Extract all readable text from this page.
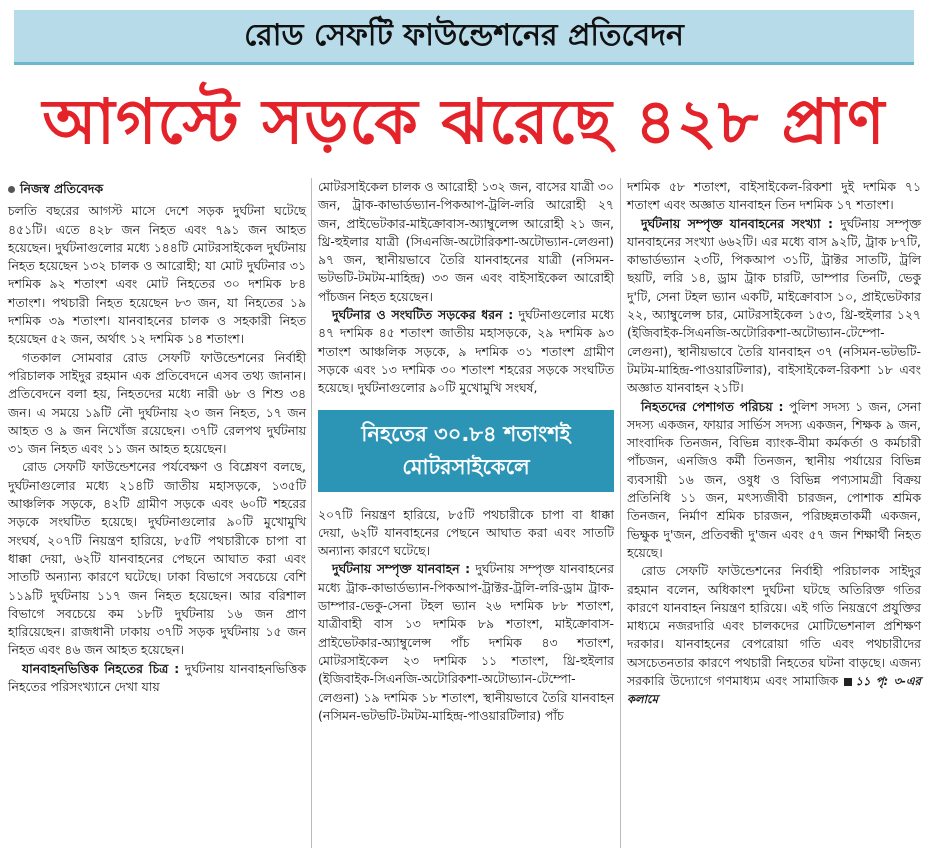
রোড সেফটি ফাউন্ডেশনের প্রতিবেদন
আগস্টে সড়কে ঝরেছে ৪২৮ প্রাণ
নিজস্ব প্রতিবেদক

চলতি বছরের আগস্ট মাসে দেশে সড়ক দুর্ঘটনা ঘটেছে ৪৫১টি। এতে ৪২৮ জন নিহত এবং ৭৯১ জন আহত হয়েছেন। দুর্ঘটনাগুলোর মধ্যে ১৪৪টি মোটরসাইকেল দুর্ঘটনায় নিহত হয়েছেন ১৩২ চালক ও আরোহী; যা মোট দুর্ঘটনার ৩১ দশমিক ৯২ শতাংশ এবং মোট নিহতের ৩০ দশমিক ৮৪ শতাংশ। পথচারী নিহত হয়েছেন ৮৩ জন, যা নিহতের ১৯ দশমিক ৩৯ শতাংশ। যানবাহনের চালক ও সহকারী নিহত হয়েছেন ৫২ জন, অর্থাৎ ১২ দশমিক ১৪ শতাংশ।

গতকাল সোমবার রোড সেফটি ফাউন্ডেশনের নির্বাহী পরিচালক সাইদুর রহমান এক প্রতিবেদনে এসব তথ্য জানান। প্রতিবেদনে বলা হয়, নিহতদের মধ্যে নারী ৬৮ ও শিশু ৩৪ জন। এ সময়ে ১৯টি নৌ দুর্ঘটনায় ২৩ জন নিহত, ১৭ জন আহত ও ৯ জন নিখোঁজ রয়েছেন। ৩৭টি রেলপথ দুর্ঘটনায় ৩১ জন নিহত এবং ১১ জন আহত হয়েছেন।

রোড সেফটি ফাউন্ডেশনের পর্যবেক্ষণ ও বিশ্লেষণ বলছে, দুর্ঘটনাগুলোর মধ্যে ২১৪টি জাতীয় মহাসড়কে, ১৩৫টি আঞ্চলিক সড়কে, ৪২টি গ্রামীণ সড়কে এবং ৬০টি শহরের সড়কে সংঘটিত হয়েছে। দুর্ঘটনাগুলোর ৯০টি মুখোমুখি সংঘর্ষ, ২০৭টি নিয়ন্ত্রণ হারিয়ে, ৮৫টি পথচারীকে চাপা বা ধাক্কা দেয়া, ৬২টি যানবাহনের পেছনে আঘাত করা এবং সাতটি অন্যান্য কারণে ঘটেছে। ঢাকা বিভাগে সবচেয়ে বেশি ১১৯টি দুর্ঘটনায় ১১৭ জন নিহত হয়েছেন। আর বরিশাল বিভাগে সবচেয়ে কম ১৮টি দুর্ঘটনায় ১৬ জন প্রাণ হারিয়েছেন। রাজধানী ঢাকায় ৩৭টি সড়ক দুর্ঘটনায় ১৫ জন নিহত এবং ৪৬ জন আহত হয়েছেন।

যানবাহনভিত্তিক নিহতের চিত্র : দুর্ঘটনায় যানবাহনভিত্তিক নিহতের পরিসংখ্যানে দেখা যায়

মোটরসাইকেল চালক ও আরোহী ১৩২ জন, বাসের যাত্রী ৩০ জন, ট্রাক-কাভার্ডভ্যান-পিকআপ-ট্রলি-লরি আরোহী ২৭ জন, প্রাইভেটকার-মাইক্রোবাস-অ্যাম্বুলেন্স আরোহী ২১ জন, থ্রি-হুইলার যাত্রী (সিএনজি-অটোরিকশা-অটোভ্যান-লেগুনা) ৯৭ জন, স্থানীয়ভাবে তৈরি যানবাহনের যাত্রী (নসিমন-ভটভটি-টমটম-মাহিন্দ্র) ৩৩ জন এবং বাইসাইকেল আরোহী পাঁচজন নিহত হয়েছেন।

দুর্ঘটনার ও সংঘটিত সড়কের ধরন : দুর্ঘটনাগুলোর মধ্যে ৪৭ দশমিক ৪৫ শতাংশ জাতীয় মহাসড়কে, ২৯ দশমিক ৯৩ শতাংশ আঞ্চলিক সড়কে, ৯ দশমিক ৩১ শতাংশ গ্রামীণ সড়কে এবং ১৩ দশমিক ৩০ শতাংশ শহরের সড়কে সংঘটিত হয়েছে। দুর্ঘটনাগুলোর ৯০টি মুখোমুখি সংঘর্ষ,

নিহতের ৩০.৮৪ শতাংশই মোটরসাইকেলে

২০৭টি নিয়ন্ত্রণ হারিয়ে, ৮৫টি পথচারীকে চাপা বা ধাক্কা দেয়া, ৬২টি যানবাহনের পেছনে আঘাত করা এবং সাতটি অন্যান্য কারণে ঘটেছে।

দুর্ঘটনায় সম্পৃক্ত যানবাহন : দুর্ঘটনায় সম্পৃক্ত যানবাহনের মধ্যে ট্রাক-কাভার্ডভ্যান-পিকআপ-ট্রাক্টর-ট্রলি-লরি-ড্রাম ট্রাক-ডাম্পার-ভেকু-সেনা টহল ভ্যান ২৬ দশমিক ৮৮ শতাংশ, যাত্রীবাহী বাস ১৩ দশমিক ৮৯ শতাংশ, মাইক্রোবাস-প্রাইভেটকার-অ্যাম্বুলেন্স পাঁচ দশমিক ৪৩ শতাংশ, মোটরসাইকেল ২৩ দশমিক ১১ শতাংশ, থ্রি-হুইলার (ইজিবাইক-সিএনজি-অটোরিকশা-অটোভ্যান-টেম্পো-লেগুনা) ১৯ দশমিক ১৮ শতাংশ, স্থানীয়ভাবে তৈরি যানবাহন (নসিমন-ভটভটি-টমটম-মাহিন্দ্র-পাওয়ারটিলার) পাঁচ

দশমিক ৫৮ শতাংশ, বাইসাইকেল-রিকশা দুই দশমিক ৭১ শতাংশ এবং অজ্ঞাত যানবাহন তিন দশমিক ১৭ শতাংশ।

দুর্ঘটনায় সম্পৃক্ত যানবাহনের সংখ্যা : দুর্ঘটনায় সম্পৃক্ত যানবাহনের সংখ্যা ৬৬২টি। এর মধ্যে বাস ৯২টি, ট্রাক ৮৭টি, কাভার্ডভ্যান ২৩টি, পিকআপ ৩১টি, ট্রাক্টর সাতটি, ট্রলি ছয়টি, লরি ১৪, ড্রাম ট্রাক চারটি, ডাম্পার তিনটি, ভেকু দু'টি, সেনা টহল ভ্যান একটি, মাইক্রোবাস ১০, প্রাইভেটকার ২২, অ্যাম্বুলেন্স চার, মোটরসাইকেল ১৫৩, থ্রি-হুইলার ১২৭ (ইজিবাইক-সিএনজি-অটোরিকশা-অটোভ্যান-টেম্পো-লেগুনা), স্থানীয়ভাবে তৈরি যানবাহন ৩৭ (নসিমন-ভটভটি-টমটম-মাহিন্দ্র-পাওয়ারটিলার), বাইসাইকেল-রিকশা ১৮ এবং অজ্ঞাত যানবাহন ২১টি।

নিহতদের পেশাগত পরিচয় : পুলিশ সদস্য ১ জন, সেনা সদস্য একজন, ফায়ার সার্ভিস সদস্য একজন, শিক্ষক ৯ জন, সাংবাদিক তিনজন, বিভিন্ন ব্যাংক-বীমা কর্মকর্তা ও কর্মচারী পাঁচজন, এনজিও কর্মী তিনজন, স্থানীয় পর্যায়ের বিভিন্ন ব্যবসায়ী ১৬ জন, ওষুধ ও বিভিন্ন পণ্যসামগ্রী বিক্রয় প্রতিনিধি ১১ জন, মৎস্যজীবী চারজন, পোশাক শ্রমিক তিনজন, নির্মাণ শ্রমিক চারজন, পরিচ্ছন্নতাকর্মী একজন, ভিক্ষুক দু'জন, প্রতিবন্ধী দু'জন এবং ৫৭ জন শিক্ষার্থী নিহত হয়েছে।

রোড সেফটি ফাউন্ডেশনের নির্বাহী পরিচালক সাইদুর রহমান বলেন, অধিকাংশ দুর্ঘটনা ঘটছে অতিরিক্ত গতির কারণে যানবাহন নিয়ন্ত্রণ হারিয়ে। এই গতি নিয়ন্ত্রণে প্রযুক্তির মাধ্যমে নজরদারি এবং চালকদের মোটিভেশনাল প্রশিক্ষণ দরকার। যানবাহনের বেপরোয়া গতি এবং পথচারীদের অসচেতনতার কারণে পথচারী নিহতের ঘটনা বাড়ছে। এজন্য সরকারি উদ্যোগে গণমাধ্যম এবং সামাজিক ১১ পৃ: ৩-এর কলামে
